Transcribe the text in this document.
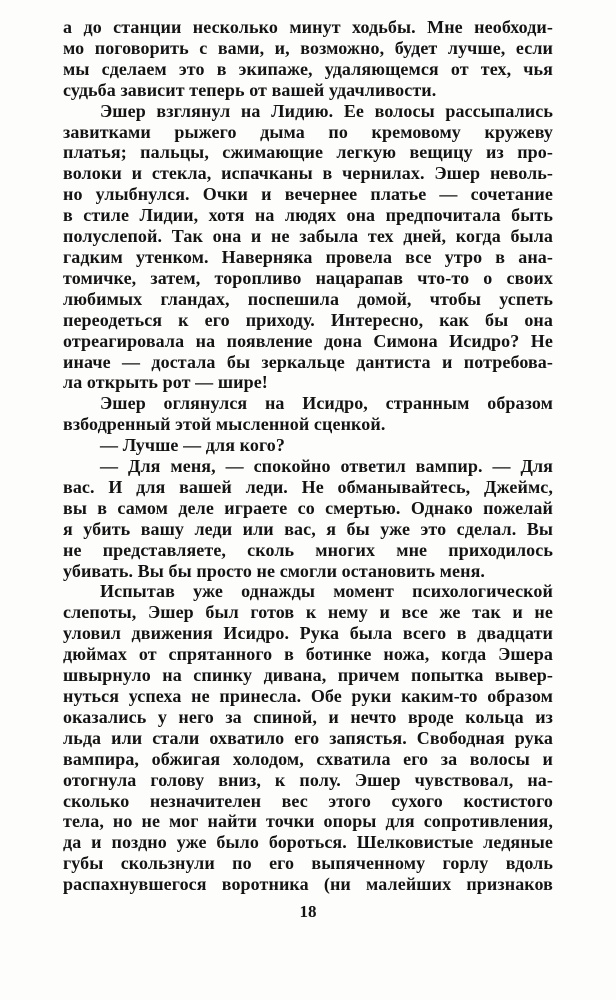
а до станции несколько минут ходьбы. Мне необходи-
мо поговорить с вами, и, возможно, будет лучше, если
мы сделаем это в экипаже, удаляющемся от тех, чья
судьба зависит теперь от вашей удачливости.
Эшер взглянул на Лидию. Ее волосы рассыпались
завитками рыжего дыма по кремовому кружеву
платья; пальцы, сжимающие легкую вещицу из про-
волоки и стекла, испачканы в чернилах. Эшер неволь-
но улыбнулся. Очки и вечернее платье — сочетание
в стиле Лидии, хотя на людях она предпочитала быть
полуслепой. Так она и не забыла тех дней, когда была
гадким утенком. Наверняка провела все утро в ана-
томичке, затем, торопливо нацарапав что-то о своих
любимых гландах, поспешила домой, чтобы успеть
переодеться к его приходу. Интересно, как бы она
отреагировала на появление дона Симона Исидро? Не
иначе — достала бы зеркальце дантиста и потребова-
ла открыть рот — шире!
Эшер оглянулся на Исидро, странным образом
взбодренный этой мысленной сценкой.
— Лучше — для кого?
— Для меня, — спокойно ответил вампир. — Для
вас. И для вашей леди. Не обманывайтесь, Джеймс,
вы в самом деле играете со смертью. Однако пожелай
я убить вашу леди или вас, я бы уже это сделал. Вы
не представляете, сколь многих мне приходилось
убивать. Вы бы просто не смогли остановить меня.
Испытав уже однажды момент психологической
слепоты, Эшер был готов к нему и все же так и не
уловил движения Исидро. Рука была всего в двадцати
дюймах от спрятанного в ботинке ножа, когда Эшера
швырнуло на спинку дивана, причем попытка вывер-
нуться успеха не принесла. Обе руки каким-то образом
оказались у него за спиной, и нечто вроде кольца из
льда или стали охватило его запястья. Свободная рука
вампира, обжигая холодом, схватила его за волосы и
отогнула голову вниз, к полу. Эшер чувствовал, на-
сколько незначителен вес этого сухого костистого
тела, но не мог найти точки опоры для сопротивления,
да и поздно уже было бороться. Шелковистые ледяные
губы скользнули по его выпяченному горлу вдоль
распахнувшегося воротника (ни малейших признаков
18
